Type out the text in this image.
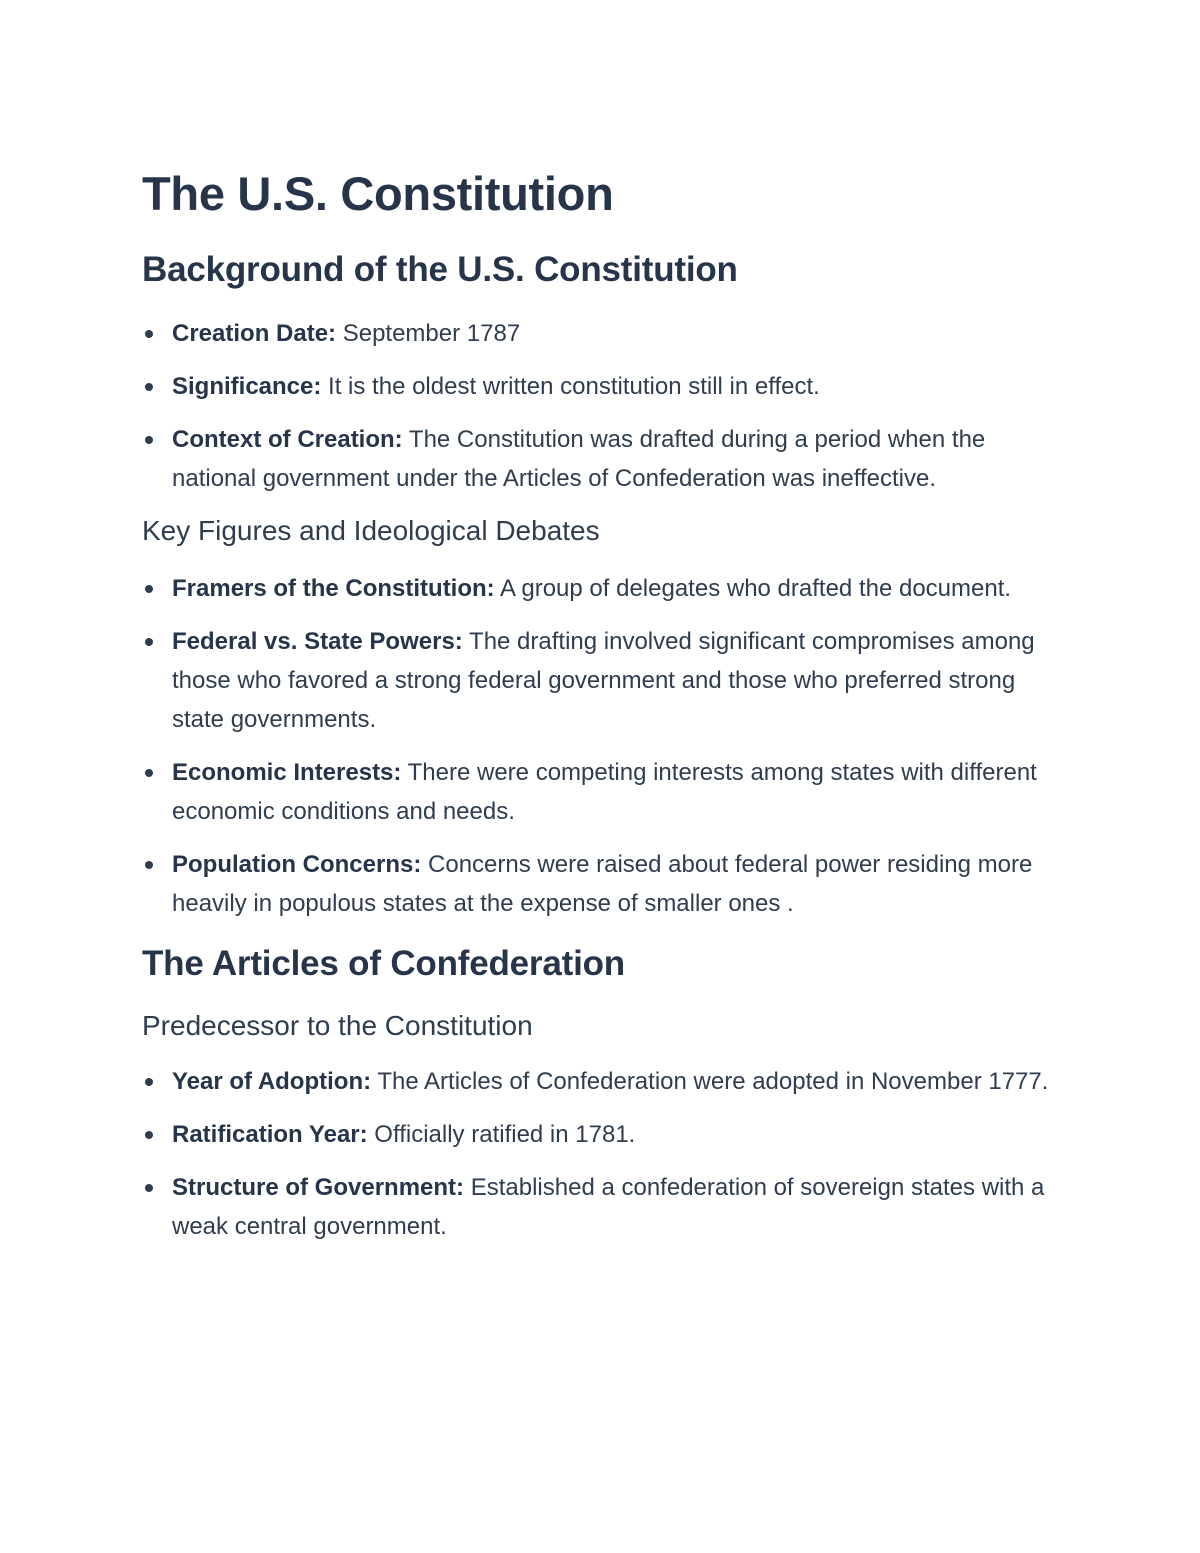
The U.S. Constitution
Background of the U.S. Constitution
Creation Date: September 1787
Significance: It is the oldest written constitution still in effect.
Context of Creation: The Constitution was drafted during a period when the national government under the Articles of Confederation was ineffective.
Key Figures and Ideological Debates
Framers of the Constitution: A group of delegates who drafted the document.
Federal vs. State Powers: The drafting involved significant compromises among those who favored a strong federal government and those who preferred strong state governments.
Economic Interests: There were competing interests among states with different economic conditions and needs.
Population Concerns: Concerns were raised about federal power residing more heavily in populous states at the expense of smaller ones .
The Articles of Confederation
Predecessor to the Constitution
Year of Adoption: The Articles of Confederation were adopted in November 1777.
Ratification Year: Officially ratified in 1781.
Structure of Government: Established a confederation of sovereign states with a weak central government.
